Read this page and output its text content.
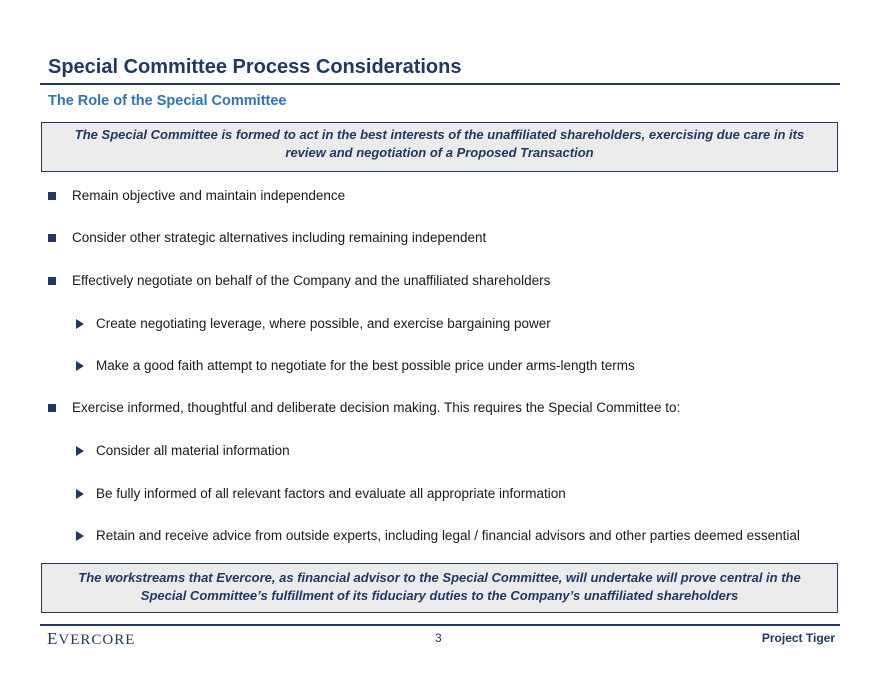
Special Committee Process Considerations
The Role of the Special Committee
The Special Committee is formed to act in the best interests of the unaffiliated shareholders, exercising due care in its
review and negotiation of a Proposed Transaction
Remain objective and maintain independence
Consider other strategic alternatives including remaining independent
Effectively negotiate on behalf of the Company and the unaffiliated shareholders
Create negotiating leverage, where possible, and exercise bargaining power
Make a good faith attempt to negotiate for the best possible price under arms-length terms
Exercise informed, thoughtful and deliberate decision making. This requires the Special Committee to:
Consider all material information
Be fully informed of all relevant factors and evaluate all appropriate information
Retain and receive advice from outside experts, including legal / financial advisors and other parties deemed essential
The workstreams that Evercore, as financial advisor to the Special Committee, will undertake will prove central in the
Special Committee’s fulfillment of its fiduciary duties to the Company’s unaffiliated shareholders
EVERCORE	3	Project Tiger
